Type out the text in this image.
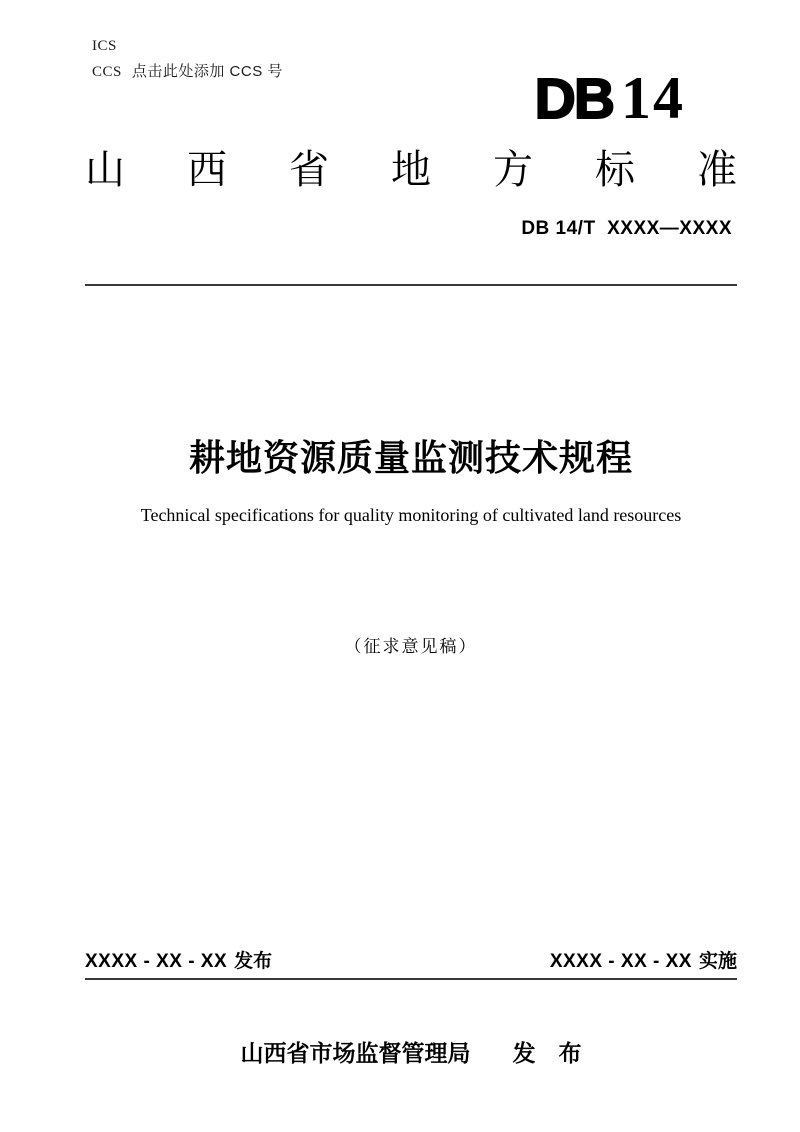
ICS
CCS 点击此处添加 CCS 号	DB 14
山 西 省 地 方 标 准
DB 14/T  XXXX—XXXX
耕地资源质量监测技术规程
Technical specifications for quality monitoring of cultivated land resources
（征求意见稿）
XXXX - XX - XX 发布	XXXX - XX - XX 实施
山西省市场监督管理局 发　布
